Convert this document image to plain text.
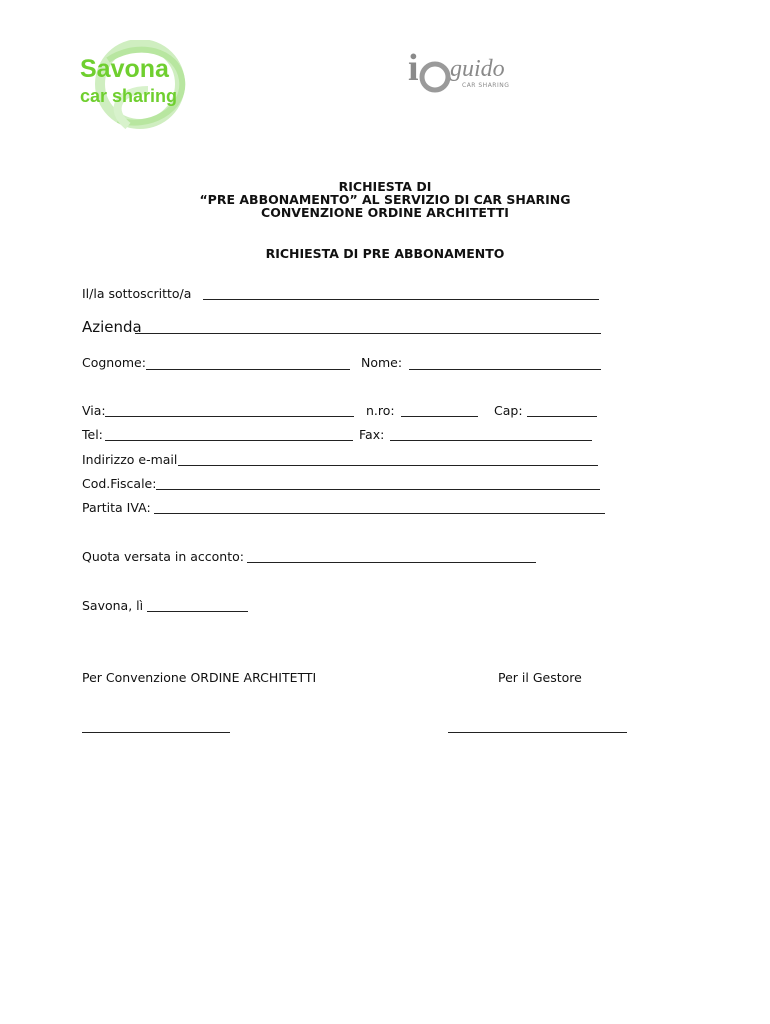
Savona
car sharing
i guido
CAR SHARING
RICHIESTA DI
“PRE ABBONAMENTO” AL SERVIZIO DI CAR SHARING
CONVENZIONE ORDINE ARCHITETTI
RICHIESTA DI PRE ABBONAMENTO
Il/la sottoscritto/a
Azienda
Cognome:	Nome:
Via:	n.ro:	Cap:
Tel:	Fax:
Indirizzo e-mail
Cod.Fiscale:
Partita IVA:
Quota versata in acconto:
Savona, lì
Per Convenzione ORDINE ARCHITETTI	Per il Gestore
